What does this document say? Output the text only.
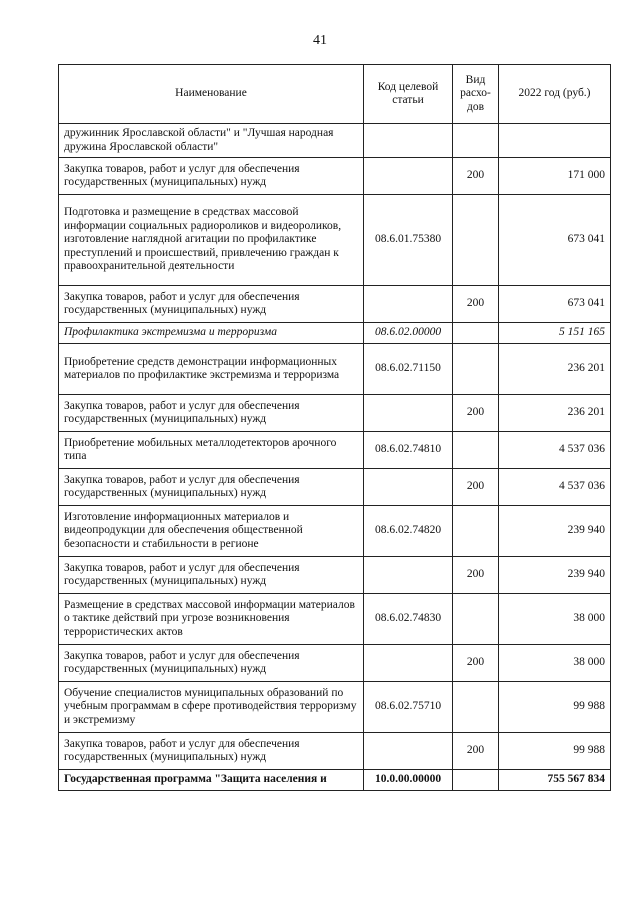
41
Наименование	Код целевой статьи	Вид расхо-дов	2022 год (руб.)
дружинник Ярославской области" и "Лучшая народная дружина Ярославской области"			
Закупка товаров, работ и услуг для обеспечения государственных (муниципальных) нужд		200	171 000
Подготовка и размещение в средствах массовой информации социальных радиороликов и видеороликов, изготовление наглядной агитации по профилактике преступлений и происшествий, привлечению граждан к правоохранительной деятельности	08.6.01.75380		673 041
Закупка товаров, работ и услуг для обеспечения государственных (муниципальных) нужд		200	673 041
Профилактика экстремизма и терроризма	08.6.02.00000		5 151 165
Приобретение средств демонстрации информационных материалов по профилактике экстремизма и терроризма	08.6.02.71150		236 201
Закупка товаров, работ и услуг для обеспечения государственных (муниципальных) нужд		200	236 201
Приобретение мобильных металлодетекторов арочного типа	08.6.02.74810		4 537 036
Закупка товаров, работ и услуг для обеспечения государственных (муниципальных) нужд		200	4 537 036
Изготовление информационных материалов и видеопродукции для обеспечения общественной безопасности и стабильности в регионе	08.6.02.74820		239 940
Закупка товаров, работ и услуг для обеспечения государственных (муниципальных) нужд		200	239 940
Размещение в средствах массовой информации материалов о тактике действий при угрозе возникновения террористических актов	08.6.02.74830		38 000
Закупка товаров, работ и услуг для обеспечения государственных (муниципальных) нужд		200	38 000
Обучение специалистов муниципальных образований по учебным программам в сфере противодействия терроризму и экстремизму	08.6.02.75710		99 988
Закупка товаров, работ и услуг для обеспечения государственных (муниципальных) нужд		200	99 988
Государственная программа "Защита населения и	10.0.00.00000		755 567 834
